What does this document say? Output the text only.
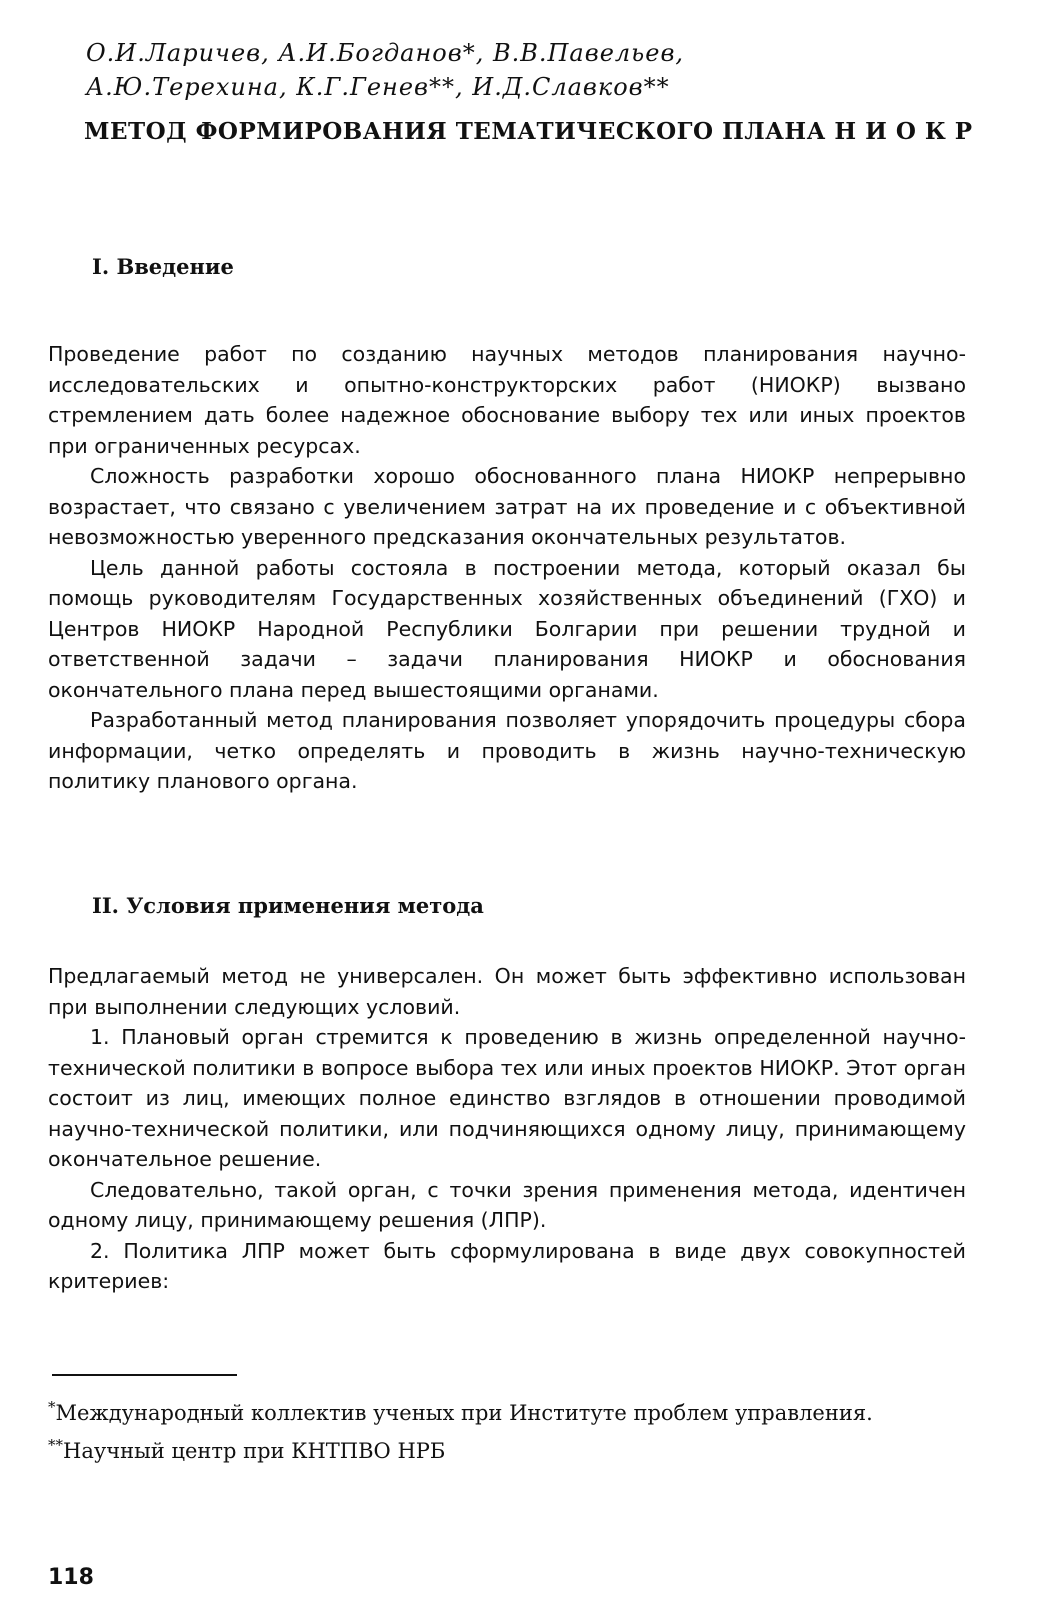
О.И.Ларичев, А.И.Богданов*, В.В.Павельев,
А.Ю.Терехина, К.Г.Генев**, И.Д.Славков**
МЕТОД ФОРМИРОВАНИЯ ТЕМАТИЧЕСКОГО ПЛАНА Н И О К Р
I. Введение

Проведение работ по созданию научных методов планирования научно-исследовательских и опытно-конструкторских работ (НИОКР) вызвано стремлением дать более надежное обоснование выбору тех или иных проектов при ограниченных ресурсах.

Сложность разработки хорошо обоснованного плана НИОКР непрерывно возрастает, что связано с увеличением затрат на их проведение и с объективной невозможностью уверенного предсказания окончательных результатов.

Цель данной работы состояла в построении метода, который оказал бы помощь руководителям Государственных хозяйственных объединений (ГХО) и Центров НИОКР Народной Республики Болгарии при решении трудной и ответственной задачи – задачи планирования НИОКР и обоснования окончательного плана перед вышестоящими органами.

Разработанный метод планирования позволяет упорядочить процедуры сбора информации, четко определять и проводить в жизнь научно-техническую политику планового органа.

II. Условия применения метода

Предлагаемый метод не универсален. Он может быть эффективно использован при выполнении следующих условий.

1. Плановый орган стремится к проведению в жизнь определенной научно-технической политики в вопросе выбора тех или иных проектов НИОКР. Этот орган состоит из лиц, имеющих полное единство взглядов в отношении проводимой научно-технической политики, или подчиняющихся одному лицу, принимающему окончательное решение.

Следовательно, такой орган, с точки зрения применения метода, идентичен одному лицу, принимающему решения (ЛПР).

2. Политика ЛПР может быть сформулирована в виде двух совокупностей критериев:

*Международный коллектив ученых при Институте проблем управления.
**Научный центр при КНТПВО НРБ
118
